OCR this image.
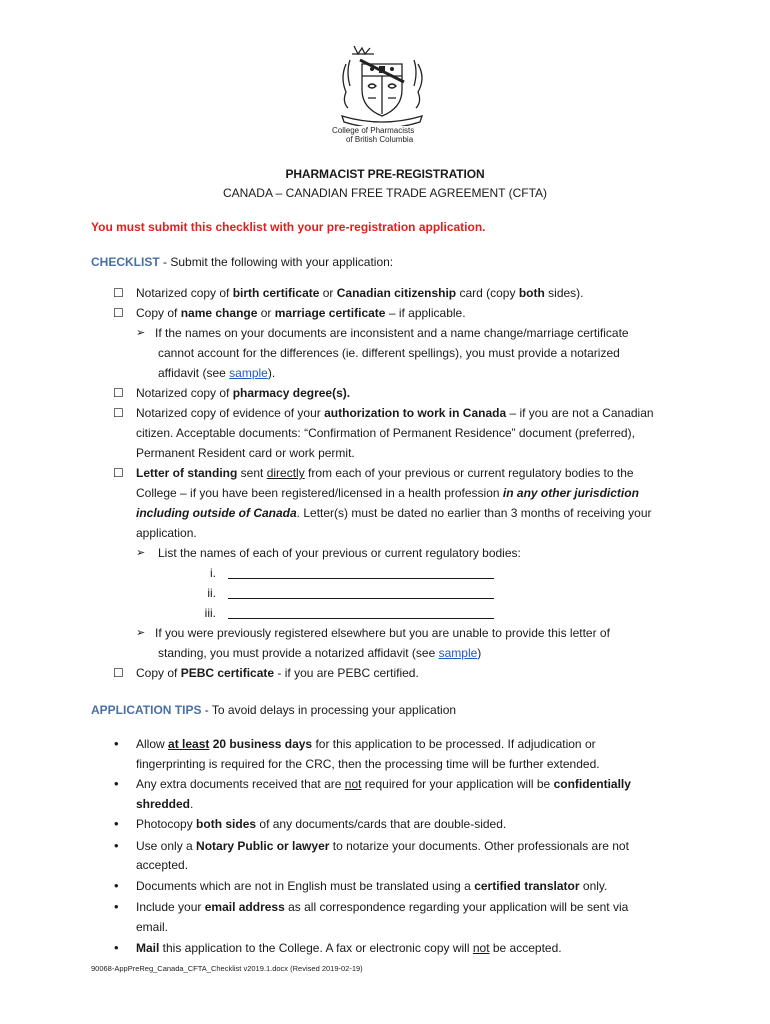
College of Pharmacists
of British Columbia
PHARMACIST PRE-REGISTRATION
CANADA – CANADIAN FREE TRADE AGREEMENT (CFTA)
You must submit this checklist with your pre-registration application.
CHECKLIST - Submit the following with your application:
☐ Notarized copy of birth certificate or Canadian citizenship card (copy both sides).
☐ Copy of name change or marriage certificate – if applicable.
➢ If the names on your documents are inconsistent and a name change/marriage certificate
cannot account for the differences (ie. different spellings), you must provide a notarized
affidavit (see sample).
☐ Notarized copy of pharmacy degree(s).
☐ Notarized copy of evidence of your authorization to work in Canada – if you are not a Canadian
citizen. Acceptable documents: “Confirmation of Permanent Residence” document (preferred),
Permanent Resident card or work permit.
☐ Letter of standing sent directly from each of your previous or current regulatory bodies to the
College – if you have been registered/licensed in a health profession in any other jurisdiction
including outside of Canada. Letter(s) must be dated no earlier than 3 months of receiving your
application.
➢ List the names of each of your previous or current regulatory bodies:
i.
ii.
iii.
➢ If you were previously registered elsewhere but you are unable to provide this letter of
standing, you must provide a notarized affidavit (see sample)
☐ Copy of PEBC certificate - if you are PEBC certified.
APPLICATION TIPS - To avoid delays in processing your application
• Allow at least 20 business days for this application to be processed. If adjudication or
fingerprinting is required for the CRC, then the processing time will be further extended.
• Any extra documents received that are not required for your application will be confidentially
shredded.
• Photocopy both sides of any documents/cards that are double-sided.
• Use only a Notary Public or lawyer to notarize your documents. Other professionals are not
accepted.
• Documents which are not in English must be translated using a certified translator only.
• Include your email address as all correspondence regarding your application will be sent via
email.
• Mail this application to the College. A fax or electronic copy will not be accepted.
90068-AppPreReg_Canada_CFTA_Checklist v2019.1.docx (Revised 2019-02-19)
